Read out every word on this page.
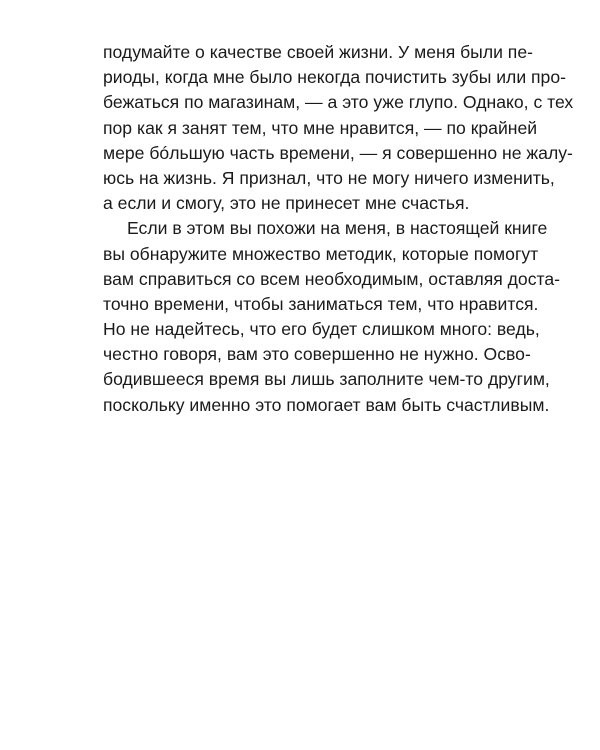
подумайте о качестве своей жизни. У меня были пе-
риоды, когда мне было некогда почистить зубы или про-
бежаться по магазинам, — а это уже глупо. Однако, с тех
пор как я занят тем, что мне нравится, — по крайней
мере бóльшую часть времени, — я совершенно не жалу-
юсь на жизнь. Я признал, что не могу ничего изменить,
а если и смогу, это не принесет мне счастья.
Если в этом вы похожи на меня, в настоящей книге
вы обнаружите множество методик, которые помогут
вам справиться со всем необходимым, оставляя доста-
точно времени, чтобы заниматься тем, что нравится.
Но не надейтесь, что его будет слишком много: ведь,
честно говоря, вам это совершенно не нужно. Осво-
бодившееся время вы лишь заполните чем-то другим,
поскольку именно это помогает вам быть счастливым.
